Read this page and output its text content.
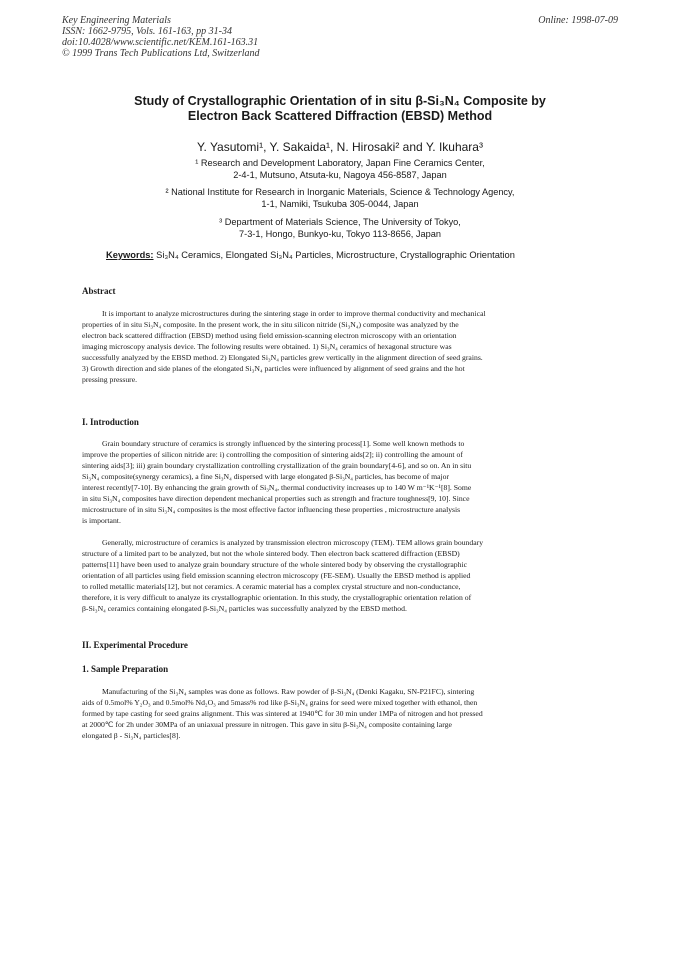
Key Engineering Materials
ISSN: 1662-9795, Vols. 161-163, pp 31-34
doi:10.4028/www.scientific.net/KEM.161-163.31
© 1999 Trans Tech Publications Ltd, Switzerland
Online: 1998-07-09
Study of Crystallographic Orientation of in situ β-Si₃N₄ Composite by
Electron Back Scattered Diffraction (EBSD) Method
Y. Yasutomi¹, Y. Sakaida¹, N. Hirosaki² and Y. Ikuhara³
¹ Research and Development Laboratory, Japan Fine Ceramics Center,
2-4-1, Mutsuno, Atsuta-ku, Nagoya 456-8587, Japan
² National Institute for Research in Inorganic Materials, Science & Technology Agency,
1-1, Namiki, Tsukuba 305-0044, Japan
³ Department of Materials Science, The University of Tokyo,
7-3-1, Hongo, Bunkyo-ku, Tokyo 113-8656, Japan
Keywords: Si₃N₄ Ceramics, Elongated Si₃N₄ Particles, Microstructure, Crystallographic Orientation
Abstract
It is important to analyze microstructures during the sintering stage in order to improve thermal conductivity and mechanical
properties of in situ Si₃N₄ composite. In the present work, the in situ silicon nitride (Si₃N₄) composite was analyzed by the
electron back scattered diffraction (EBSD) method using field emission-scanning electron microscopy with an orientation
imaging microscopy analysis device. The following results were obtained. 1) Si₃N₄ ceramics of hexagonal structure was
successfully analyzed by the EBSD method. 2) Elongated Si₃N₄ particles grew vertically in the alignment direction of seed grains.
3) Growth direction and side planes of the elongated Si₃N₄ particles were influenced by alignment of seed grains and the hot
pressing pressure.
I. Introduction
Grain boundary structure of ceramics is strongly influenced by the sintering process[1]. Some well known methods to
improve the properties of silicon nitride are: i) controlling the composition of sintering aids[2]; ii) controlling the amount of
sintering aids[3]; iii) grain boundary crystallization controlling crystallization of the grain boundary[4-6], and so on. An in situ
Si₃N₄ composite(synergy ceramics), a fine Si₃N₄ dispersed with large elongated β-Si₃N₄ particles, has become of major
interest recently[7-10]. By enhancing the grain growth of Si₃N₄, thermal conductivity increases up to 140 W m⁻¹K⁻¹[8]. Some
in situ Si₃N₄ composites have direction dependent mechanical properties such as strength and fracture toughness[9, 10]. Since
microstructure of in situ Si₃N₄ composites is the most effective factor influencing these properties , microstructure analysis
is important.
Generally, microstructure of ceramics is analyzed by transmission electron microscopy (TEM). TEM allows grain boundary
structure of a limited part to be analyzed, but not the whole sintered body. Then electron back scattered diffraction (EBSD)
patterns[11] have been used to analyze grain boundary structure of the whole sintered body by observing the crystallographic
orientation of all particles using field emission scanning electron microscopy (FE-SEM). Usually the EBSD method is applied
to rolled metallic materials[12], but not ceramics. A ceramic material has a complex crystal structure and non-conductance,
therefore, it is very difficult to analyze its crystallographic orientation. In this study, the crystallographic orientation relation of
β-Si₃N₄ ceramics containing elongated β-Si₃N₄ particles was successfully analyzed by the EBSD method.
II. Experimental Procedure
1. Sample Preparation
Manufacturing of the Si₃N₄ samples was done as follows. Raw powder of β-Si₃N₄ (Denki Kagaku, SN-P21FC), sintering
aids of 0.5mol% Y₂O₃ and 0.5mol% Nd₂O₃ and 5mass% rod like β-Si₃N₄ grains for seed were mixed together with ethanol, then
formed by tape casting for seed grains alignment. This was sintered at 1940℃ for 30 min under 1MPa of nitrogen and hot pressed
at 2000℃ for 2h under 30MPa of an uniaxual pressure in nitrogen. This gave in situ β-Si₃N₄ composite containing large
elongated β - Si₃N₄ particles[8].
